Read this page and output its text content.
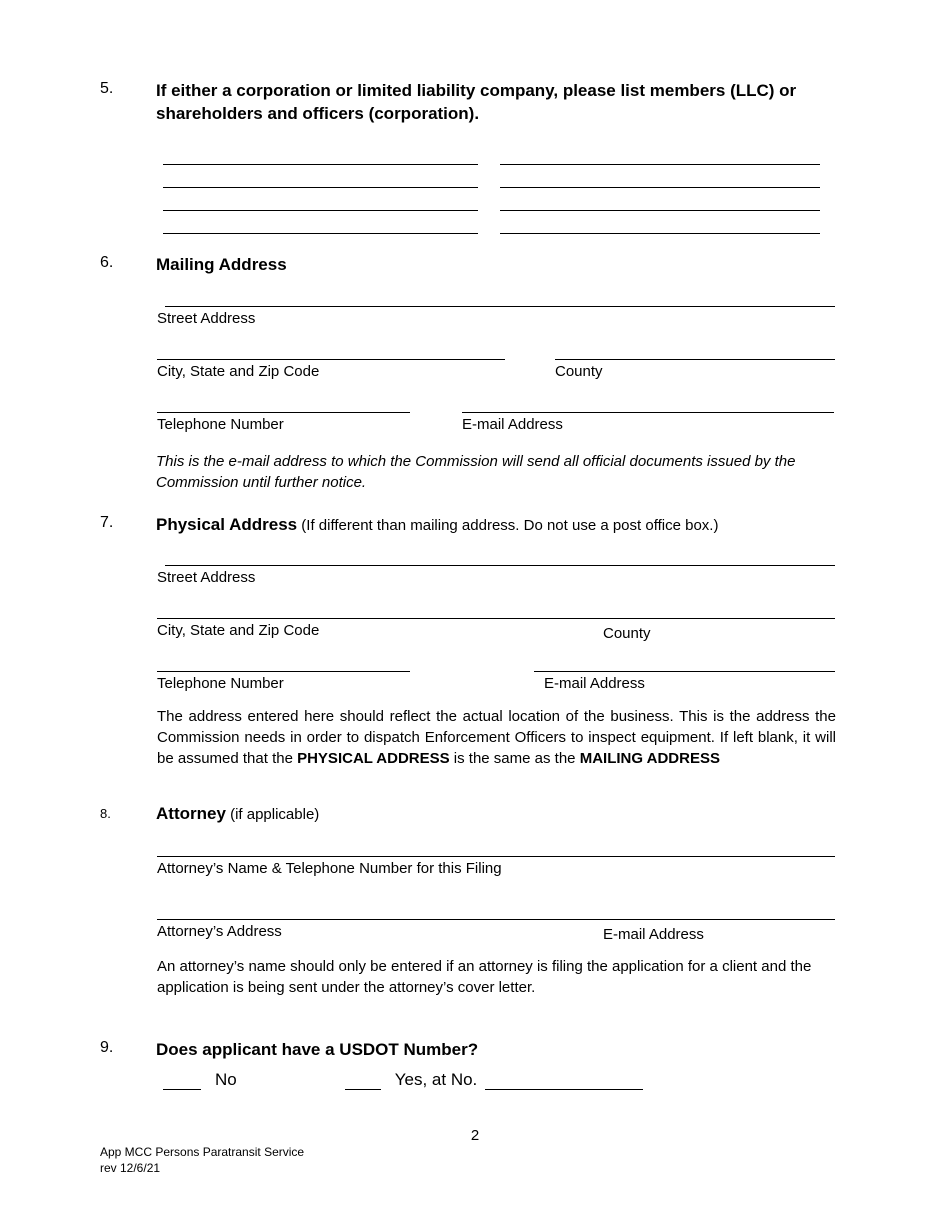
5.	If either a corporation or limited liability company, please list members (LLC) or shareholders and officers (corporation).
6.	Mailing Address
Street Address
City, State and Zip Code	County
Telephone Number	E-mail Address
This is the e-mail address to which the Commission will send all official documents issued by the Commission until further notice.
7.	Physical Address (If different than mailing address. Do not use a post office box.)
Street Address
City, State and Zip Code	County
Telephone Number	E-mail Address
The address entered here should reflect the actual location of the business. This is the address the Commission needs in order to dispatch Enforcement Officers to inspect equipment. If left blank, it will be assumed that the PHYSICAL ADDRESS is the same as the MAILING ADDRESS
8.	Attorney (if applicable)
Attorney’s Name & Telephone Number for this Filing
Attorney’s Address	E-mail Address
An attorney’s name should only be entered if an attorney is filing the application for a client and the application is being sent under the attorney’s cover letter.
9.	Does applicant have a USDOT Number?
No	Yes, at No.
2
App MCC Persons Paratransit Service
rev 12/6/21
